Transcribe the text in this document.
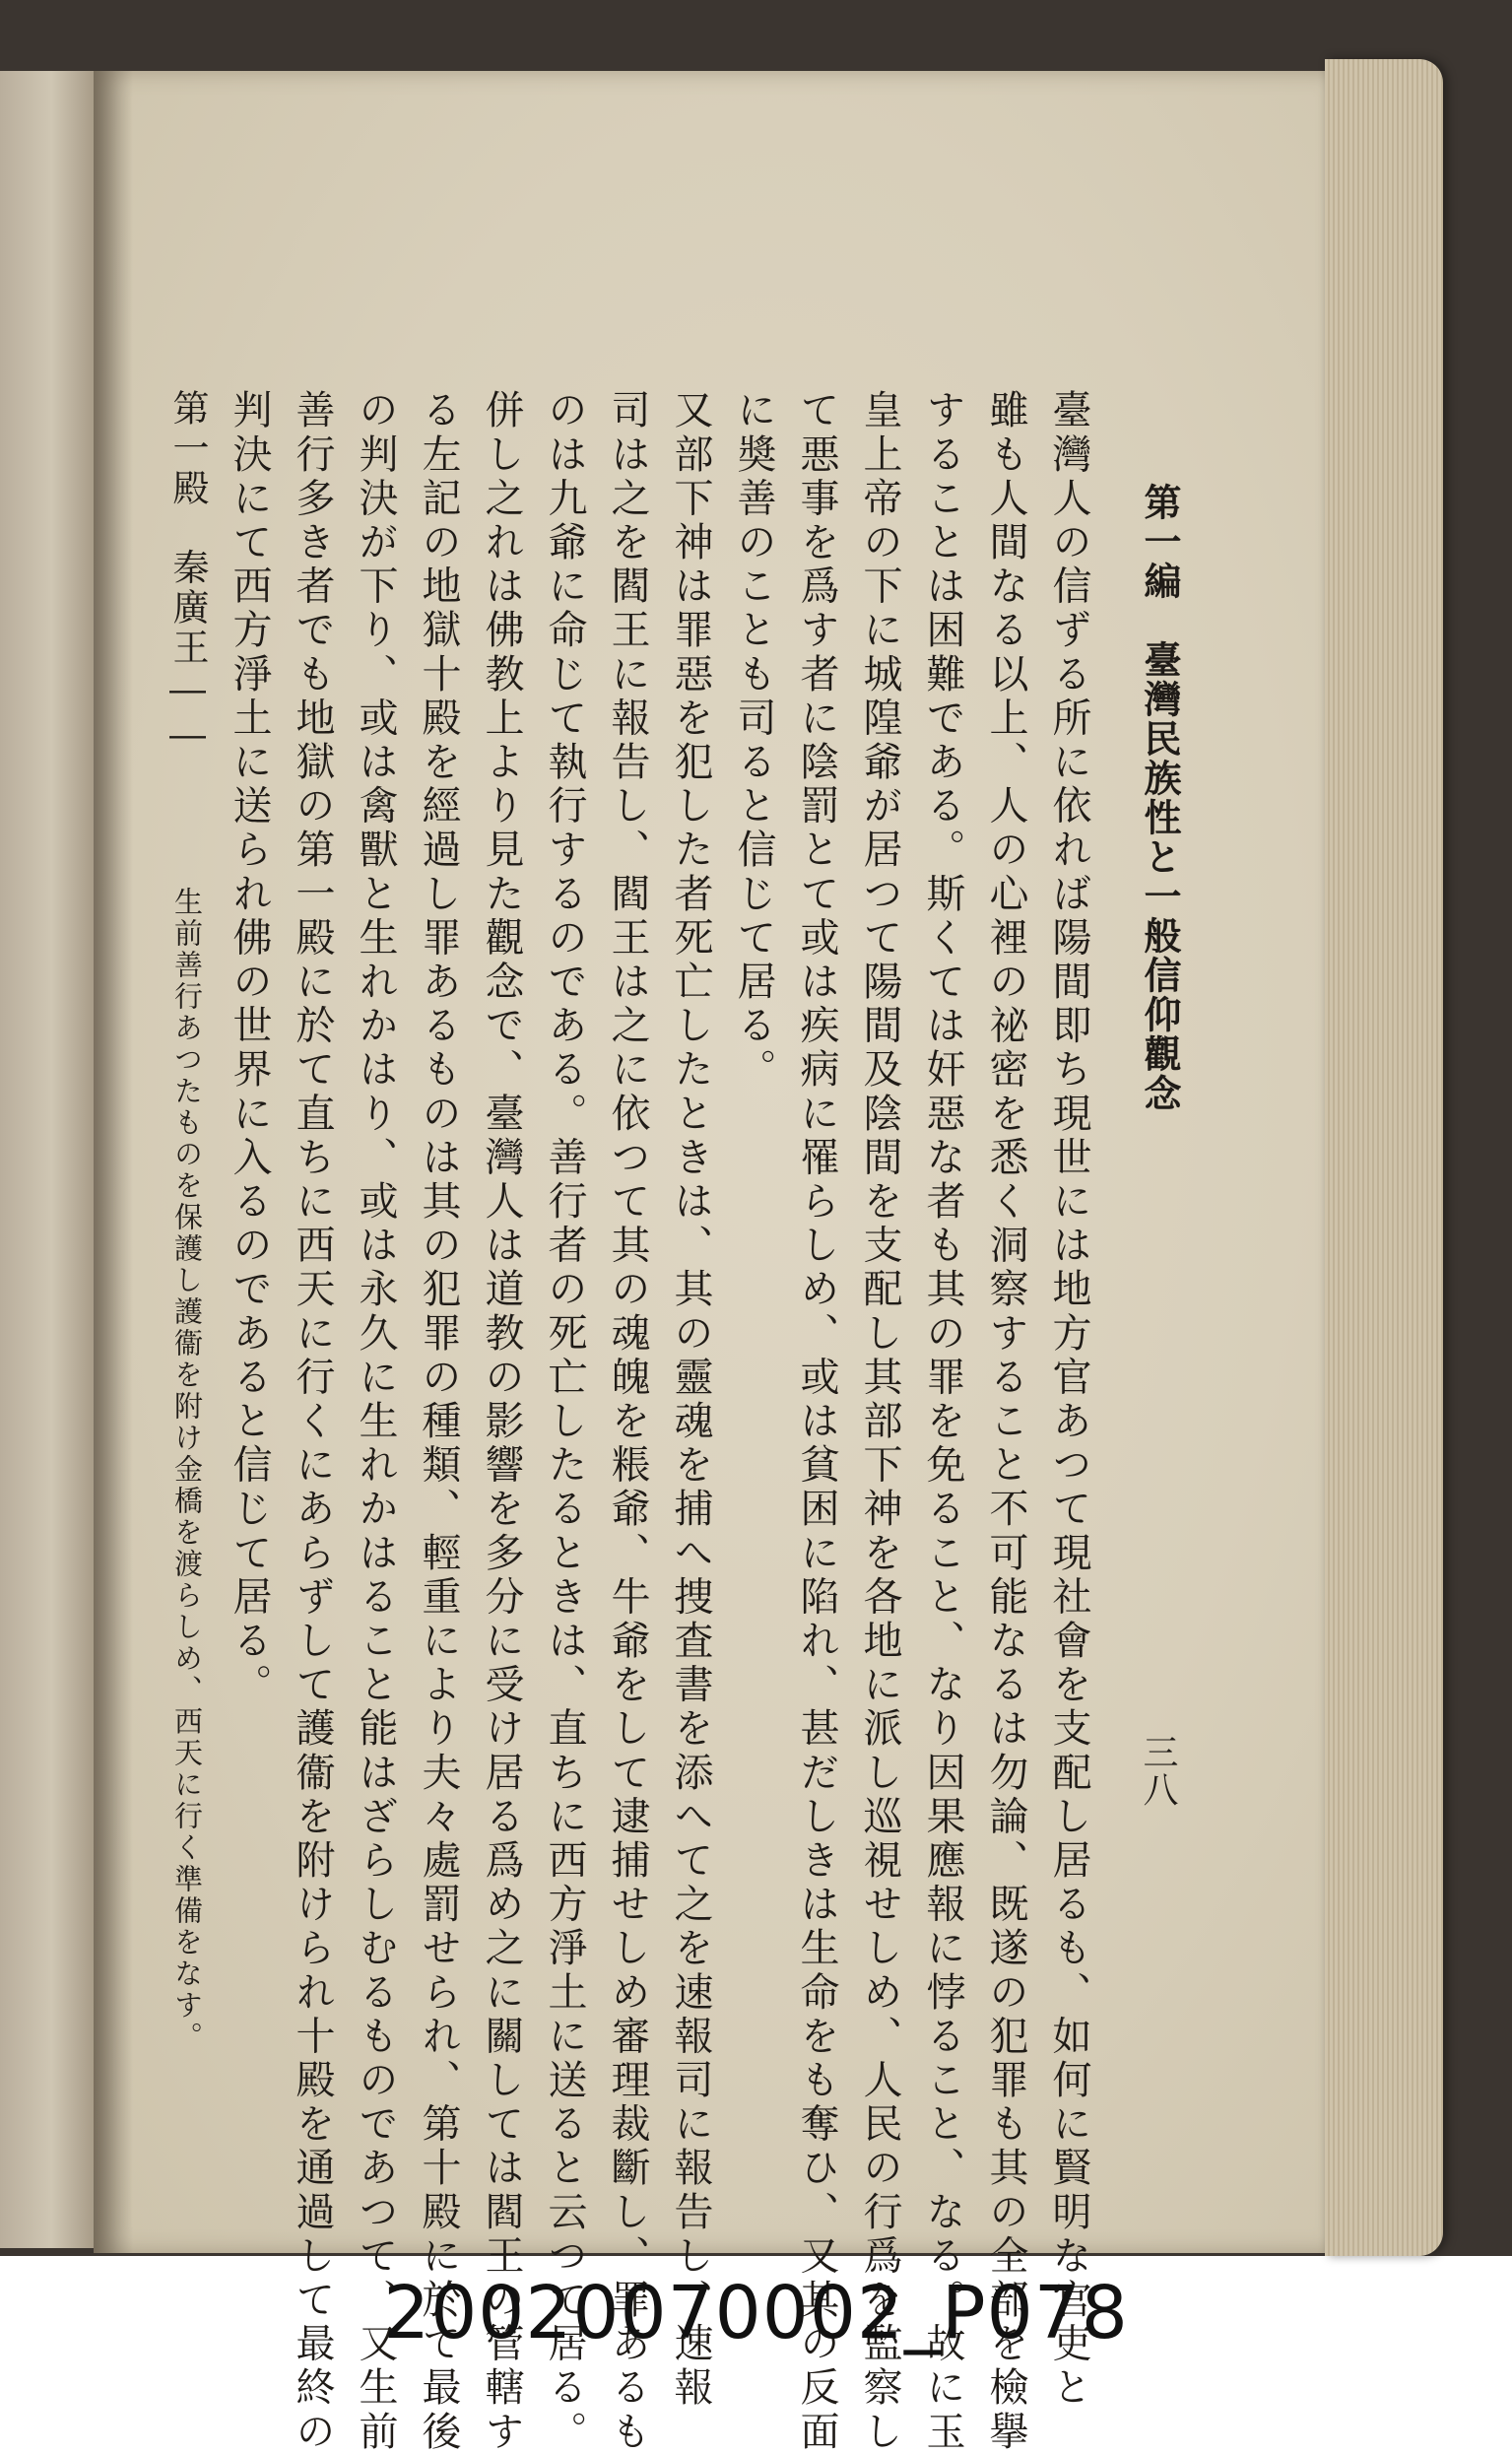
第一編　臺灣民族性と一般信仰觀念
三八
臺灣人の信ずる所に依れば陽間即ち現世には地方官あつて現社會を支配し居るも、如何に賢明な官吏と
雖も人間なる以上、人の心裡の祕密を悉く洞察すること不可能なるは勿論、既遂の犯罪も其の全部を檢擧
することは困難である。斯くては奸惡な者も其の罪を免ること、なり因果應報に悖ること、なる。故に玉
皇上帝の下に城隍爺が居つて陽間及陰間を支配し其部下神を各地に派し巡視せしめ、人民の行爲を監察し
て悪事を爲す者に陰罰とて或は疾病に罹らしめ、或は貧困に陷れ、甚だしきは生命をも奪ひ、又其の反面
に奬善のことも司ると信じて居る。
又部下神は罪惡を犯した者死亡したときは、其の靈魂を捕へ捜査書を添へて之を速報司に報告し、速報
司は之を閻王に報告し、閻王は之に依つて其の魂魄を粻爺、牛爺をして逮捕せしめ審理裁斷し、罪あるも
のは九爺に命じて執行するのである。善行者の死亡したるときは、直ちに西方淨土に送ると云つて居る。
併し之れは佛教上より見た觀念で、臺灣人は道教の影響を多分に受け居る爲め之に關しては閻王の管轄す
る左記の地獄十殿を經過し罪あるものは其の犯罪の種類、輕重により夫々處罰せられ、第十殿に於て最後
の判決が下り、或は禽獸と生れかはり、或は永久に生れかはること能はざらしむるものであつて、又生前
善行多き者でも地獄の第一殿に於て直ちに西天に行くにあらずして護衞を附けられ十殿を通過して最終の
判決にて西方淨土に送られ佛の世界に入るのであると信じて居る。
第一殿　秦廣王――
生前善行あつたものを保護し護衞を附け金橋を渡らしめ、西天に行く準備をなす。
20020070002_P078
